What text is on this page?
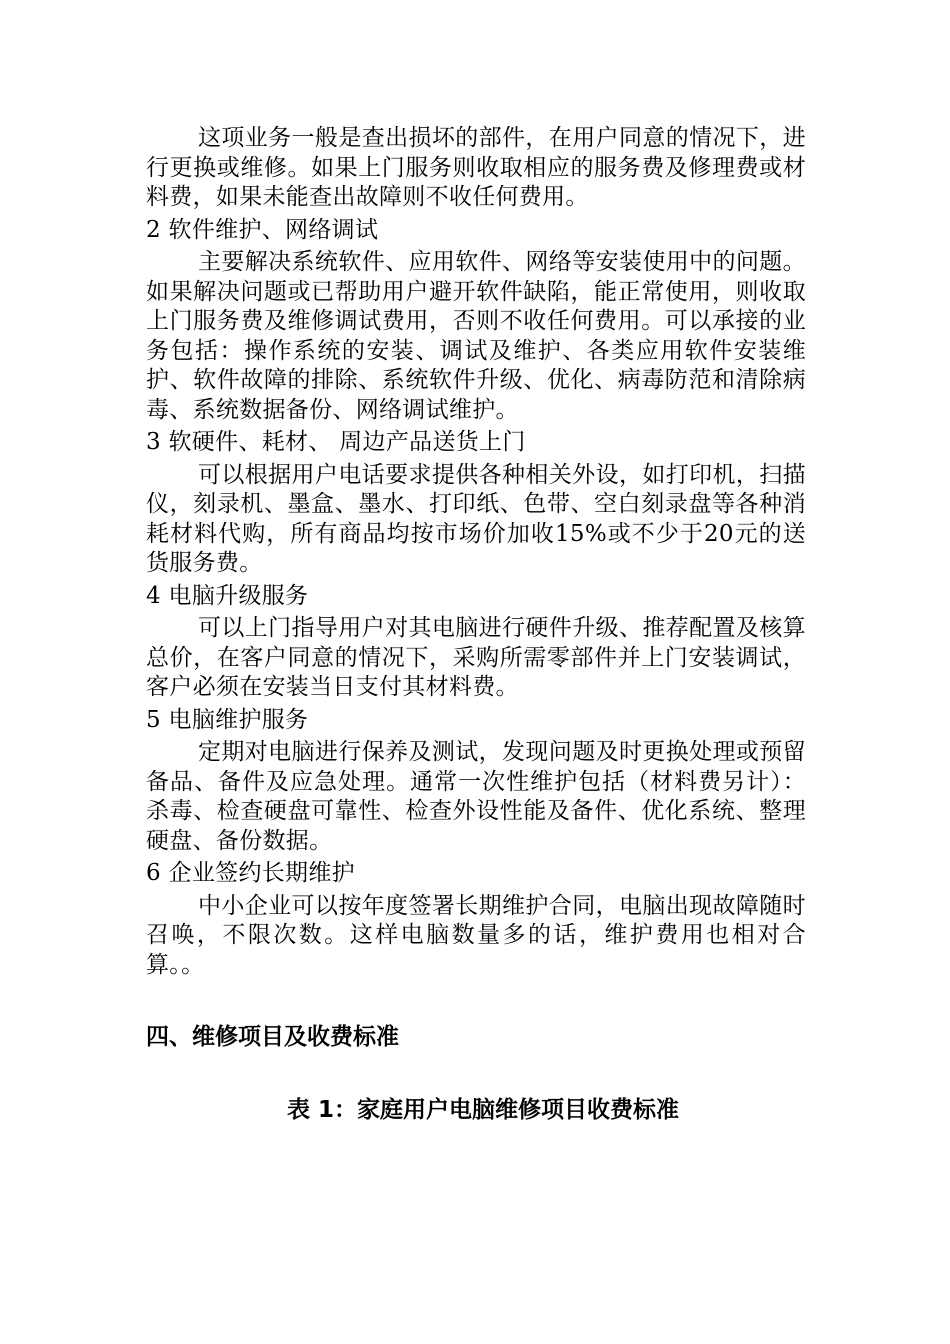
这项业务一般是查出损坏的部件，在用户同意的情况下，进行更换或维修。如果上门服务则收取相应的服务费及修理费或材料费，如果未能查出故障则不收任何费用。

2 软件维护、网络调试

主要解决系统软件、应用软件、网络等安装使用中的问题。如果解决问题或已帮助用户避开软件缺陷，能正常使用，则收取上门服务费及维修调试费用，否则不收任何费用。可以承接的业务包括：操作系统的安装、调试及维护、各类应用软件安装维护、软件故障的排除、系统软件升级、优化、病毒防范和清除病毒、系统数据备份、网络调试维护。

3 软硬件、耗材、 周边产品送货上门

可以根据用户电话要求提供各种相关外设，如打印机，扫描仪，刻录机、墨盒、墨水、打印纸、色带、空白刻录盘等各种消耗材料代购，所有商品均按市场价加收15%或不少于20元的送货服务费。

4 电脑升级服务

可以上门指导用户对其电脑进行硬件升级、推荐配置及核算总价，在客户同意的情况下，采购所需零部件并上门安装调试，客户必须在安装当日支付其材料费。

5 电脑维护服务

定期对电脑进行保养及测试，发现问题及时更换处理或预留备品、备件及应急处理。通常一次性维护包括（材料费另计）：杀毒、检查硬盘可靠性、检查外设性能及备件、优化系统、整理硬盘、备份数据。

6 企业签约长期维护

中小企业可以按年度签署长期维护合同，电脑出现故障随时召唤，不限次数。这样电脑数量多的话，维护费用也相对合算。。

四、维修项目及收费标准
表 1：家庭用户电脑维修项目收费标准
